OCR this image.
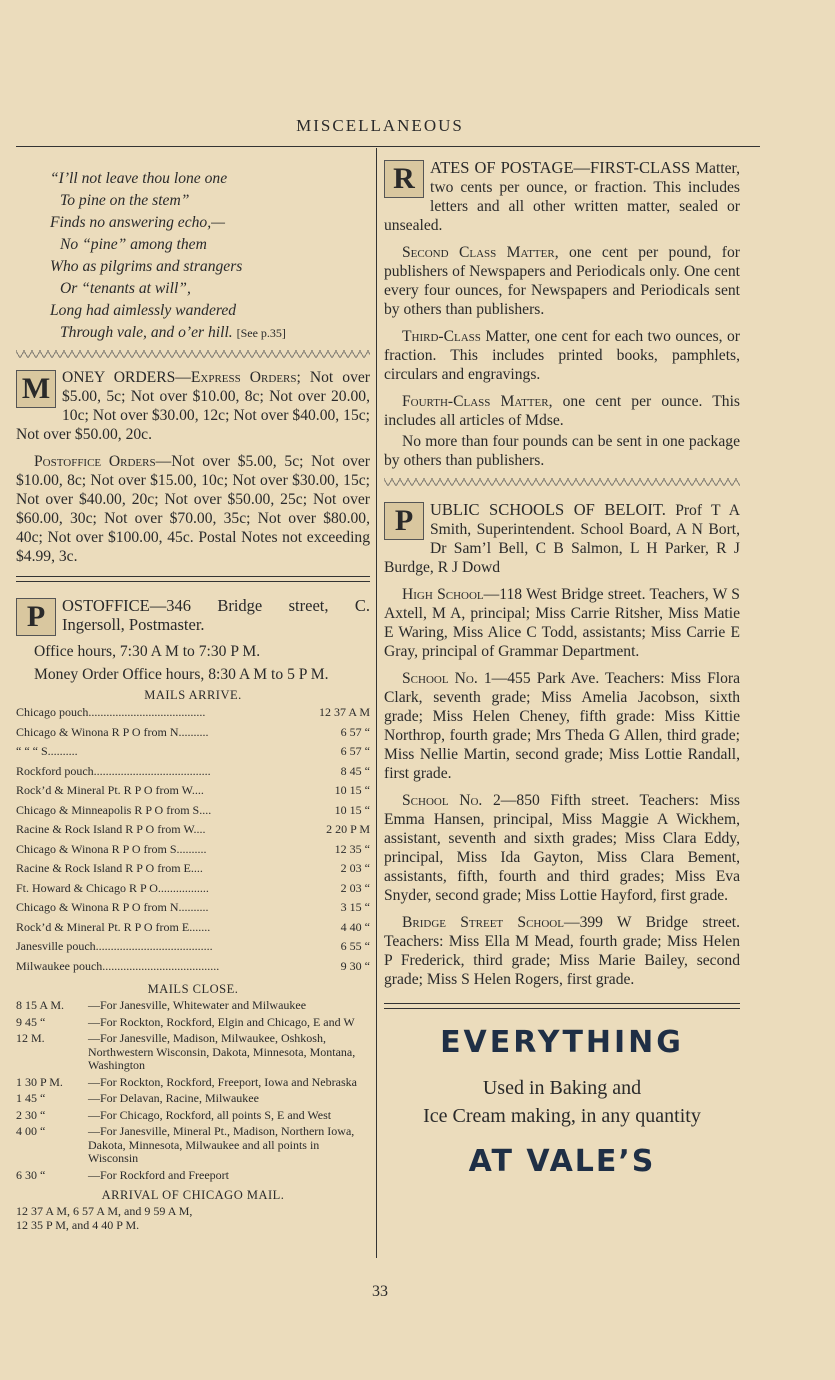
MISCELLANEOUS
“I’ll not leave thou lone one
To pine on the stem”
Finds no answering echo,—
No “pine” among them
Who as pilgrims and strangers
Or “tenants at will”,
Long had aimlessly wandered
Through vale, and o’er hill. [See p.35]

M ONEY ORDERS—Express Orders; Not over $5.00, 5c; Not over $10.00, 8c; Not over 20.00, 10c; Not over $30.00, 12c; Not over $40.00, 15c; Not over $50.00, 20c.

Postoffice Orders—Not over $5.00, 5c; Not over $10.00, 8c; Not over $15.00, 10c; Not over $30.00, 15c; Not over $40.00, 20c; Not over $50.00, 25c; Not over $60.00, 30c; Not over $70.00, 35c; Not over $80.00, 40c; Not over $100.00, 45c. Postal Notes not exceeding $4.99, 3c.

P	OSTOFFICE—346 Bridge street, C. Ingersoll, Postmaster.

Office hours, 7:30 A M to 7:30 P M.

Money Order Office hours, 8:30 A M to 5 P M.

MAILS ARRIVE.
Chicago pouch.......................................	12 37 A M
Chicago & Winona R P O from N..........	6 57 “
“ “ “ S..........	6 57 “
Rockford pouch.......................................	8 45 “
Rock’d & Mineral Pt. R P O from W....	10 15 “
Chicago & Minneapolis R P O from S....	10 15 “
Racine & Rock Island R P O from W....	2 20 P M
Chicago & Winona R P O from S..........	12 35 “
Racine & Rock Island R P O from E....	2 03 “
Ft. Howard & Chicago R P O.................	2 03 “
Chicago & Winona R P O from N..........	3 15 “
Rock’d & Mineral Pt. R P O from E.......	4 40 “
Janesville pouch.......................................	6 55 “
Milwaukee pouch.......................................	9 30 “
MAILS CLOSE.
8 15 A M.	—For Janesville, Whitewater and Milwaukee
9 45 “	—For Rockton, Rockford, Elgin and Chicago, E and W
12 M.	—For Janesville, Madison, Milwaukee, Oshkosh, Northwestern Wisconsin, Dakota, Minnesota, Montana, Washington
1 30 P M.	—For Rockton, Rockford, Freeport, Iowa and Nebraska
1 45 “	—For Delavan, Racine, Milwaukee
2 30 “	—For Chicago, Rockford, all points S, E and West
4 00 “	—For Janesville, Mineral Pt., Madison, Northern Iowa, Dakota, Minnesota, Milwaukee and all points in Wisconsin
6 30 “	—For Rockford and Freeport
ARRIVAL OF CHICAGO MAIL.
12 37 A M, 6 57 A M, and 9 59 A M,
12 35 P M, and 4 40 P M.

R ATES OF POSTAGE—FIRST-CLASS Matter, two cents per ounce, or fraction. This includes letters and all other written matter, sealed or unsealed.

Second Class Matter, one cent per pound, for publishers of Newspapers and Periodicals only. One cent every four ounces, for Newspapers and Periodicals sent by others than publishers.

Third-Class Matter, one cent for each two ounces, or fraction. This includes printed books, pamphlets, circulars and engravings.

Fourth-Class Matter, one cent per ounce. This includes all articles of Mdse.

No more than four pounds can be sent in one package by others than publishers.

P	UBLIC SCHOOLS OF BELOIT. Prof T A Smith, Superintendent. School Board, A N Bort, Dr Sam’l Bell, C B Salmon, L H Parker, R J Burdge, R J Dowd

High School—118 West Bridge street. Teachers, W S Axtell, M A, principal; Miss Carrie Ritsher, Miss Matie E Waring, Miss Alice C Todd, assistants; Miss Carrie E Gray, principal of Grammar Department.

School No. 1—455 Park Ave. Teachers: Miss Flora Clark, seventh grade; Miss Amelia Jacobson, sixth grade; Miss Helen Cheney, fifth grade: Miss Kittie Northrop, fourth grade; Mrs Theda G Allen, third grade; Miss Nellie Martin, second grade; Miss Lottie Randall, first grade.

School No. 2—850 Fifth street. Teachers: Miss Emma Hansen, principal, Miss Maggie A Wickhem, assistant, seventh and sixth grades; Miss Clara Eddy, principal, Miss Ida Gayton, Miss Clara Bement, assistants, fifth, fourth and third grades; Miss Eva Snyder, second grade; Miss Lottie Hayford, first grade.

Bridge Street School—399 W Bridge street. Teachers: Miss Ella M Mead, fourth grade; Miss Helen P Frederick, third grade; Miss Marie Bailey, second grade; Miss S Helen Rogers, first grade.

EVERYTHING
Used in Baking and
Ice Cream making, in any quantity
AT VALE’S
33
